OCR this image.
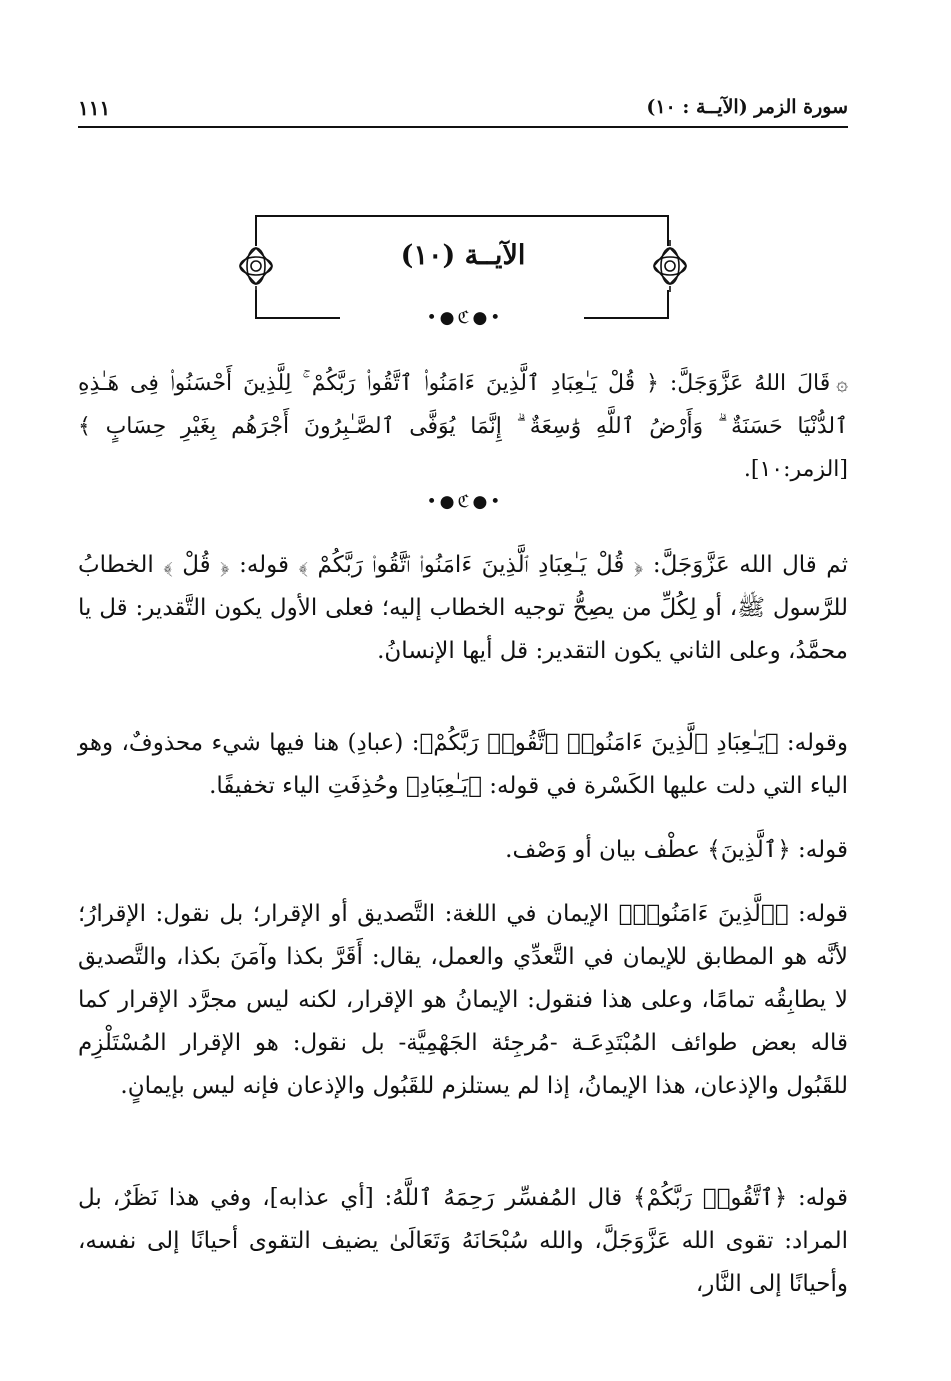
سورة الزمر (الآيــة : ١٠)
١١١
الآيــة (١٠)
•●ℭ●•
۞قَالَ اللهُ عَزَّوَجَلَّ: ﴿ قُلْ يَـٰعِبَادِ ٱلَّذِينَ ءَامَنُوا۟ ٱتَّقُوا۟ رَبَّكُمْ ۚ لِلَّذِينَ أَحْسَنُوا۟ فِى هَـٰذِهِ ٱلدُّنْيَا حَسَنَةٌ ۗ وَأَرْضُ ٱللَّهِ وَٰسِعَةٌ ۗ إِنَّمَا يُوَفَّى ٱلصَّـٰبِرُونَ أَجْرَهُم بِغَيْرِ حِسَابٍ ﴾ [الزمر:١٠].
•●ℭ●•
ثم قال الله عَزَّوَجَلَّ: ﴿ قُلْ يَـٰعِبَادِ ٱلَّذِينَ ءَامَنُوا۟ ٱتَّقُوا۟ رَبَّكُمْ ﴾ قوله: ﴿ قُلْ ﴾ الخطابُ للرَّسول ﷺ، أو لِكُلِّ من يصِحُّ توجيه الخطاب إليه؛ فعلى الأول يكون التَّقدير: قل يا محمَّدُ، وعلى الثاني يكون التقدير: قل أيها الإنسانُ.
وقوله: ﴿يَـٰعِبَادِ ٱلَّذِينَ ءَامَنُوا۟ ٱتَّقُوا۟ رَبَّكُمْ﴾: (عبادِ) هنا فيها شيء محذوفٌ، وهو الياء التي دلت عليها الكَسْرة في قوله: ﴿يَـٰعِبَادِ﴾ وحُذِفَتِ الياء تخفيفًا.
قوله: ﴿ٱلَّذِينَ﴾ عطْف بيان أو وَصْف.
قوله: ﴿ٱلَّذِينَ ءَامَنُوا۟﴾ الإيمان في اللغة: التَّصديق أو الإقرار؛ بل نقول: الإقرارُ؛ لأنَّه هو المطابق للإيمان في التَّعدِّي والعمل، يقال: أَقَرَّ بكذا وآمَنَ بكذا، والتَّصديق لا يطابِقُه تمامًا، وعلى هذا فنقول: الإيمانُ هو الإقرار، لكنه ليس مجرَّد الإقرار كما قاله بعض طوائف المُبْتَدِعَـة -مُرجِئة الجَهْمِيَّة- بل نقول: هو الإقرار المُسْتَلْزِم للقَبُول والإذعان، هذا الإيمانُ، إذا لم يستلزم للقَبُول والإذعان فإنه ليس بإيمانٍ.
قوله: ﴿ٱتَّقُوا۟ رَبَّكُمْ﴾ قال المُفسِّر رَحِمَهُ ٱللَّهُ: [أي عذابه]، وفي هذا نَظَرٌ، بل المراد: تقوى الله عَزَّوَجَلَّ، والله سُبْحَانَهُ وَتَعَالَىٰ يضيف التقوى أحيانًا إلى نفسه، وأحيانًا إلى النَّار،
